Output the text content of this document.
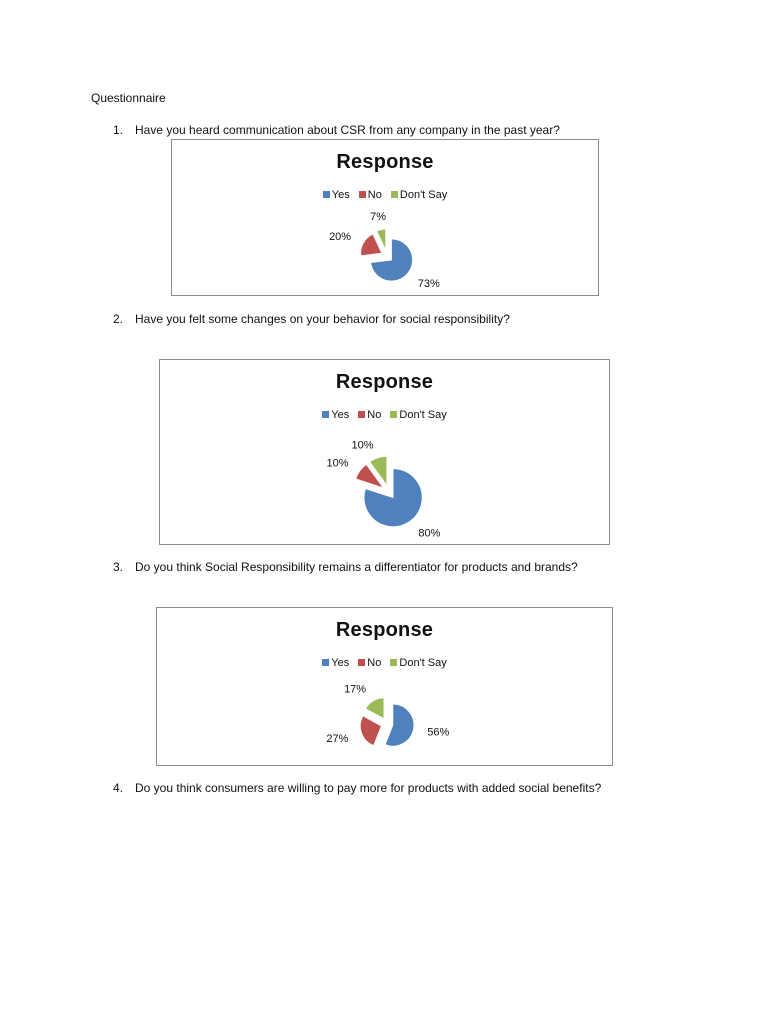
Questionnaire
1. Have you heard communication about CSR from any company in the past year?
Response
Yes No Don't Say
73%
20%
7%
2. Have you felt some changes on your behavior for social responsibility?
Response
Yes No Don't Say
80%
10%
10%
3. Do you think Social Responsibility remains a differentiator for products and brands?
Response
Yes No Don't Say
56%
27%
17%
4. Do you think consumers are willing to pay more for products with added social benefits?
